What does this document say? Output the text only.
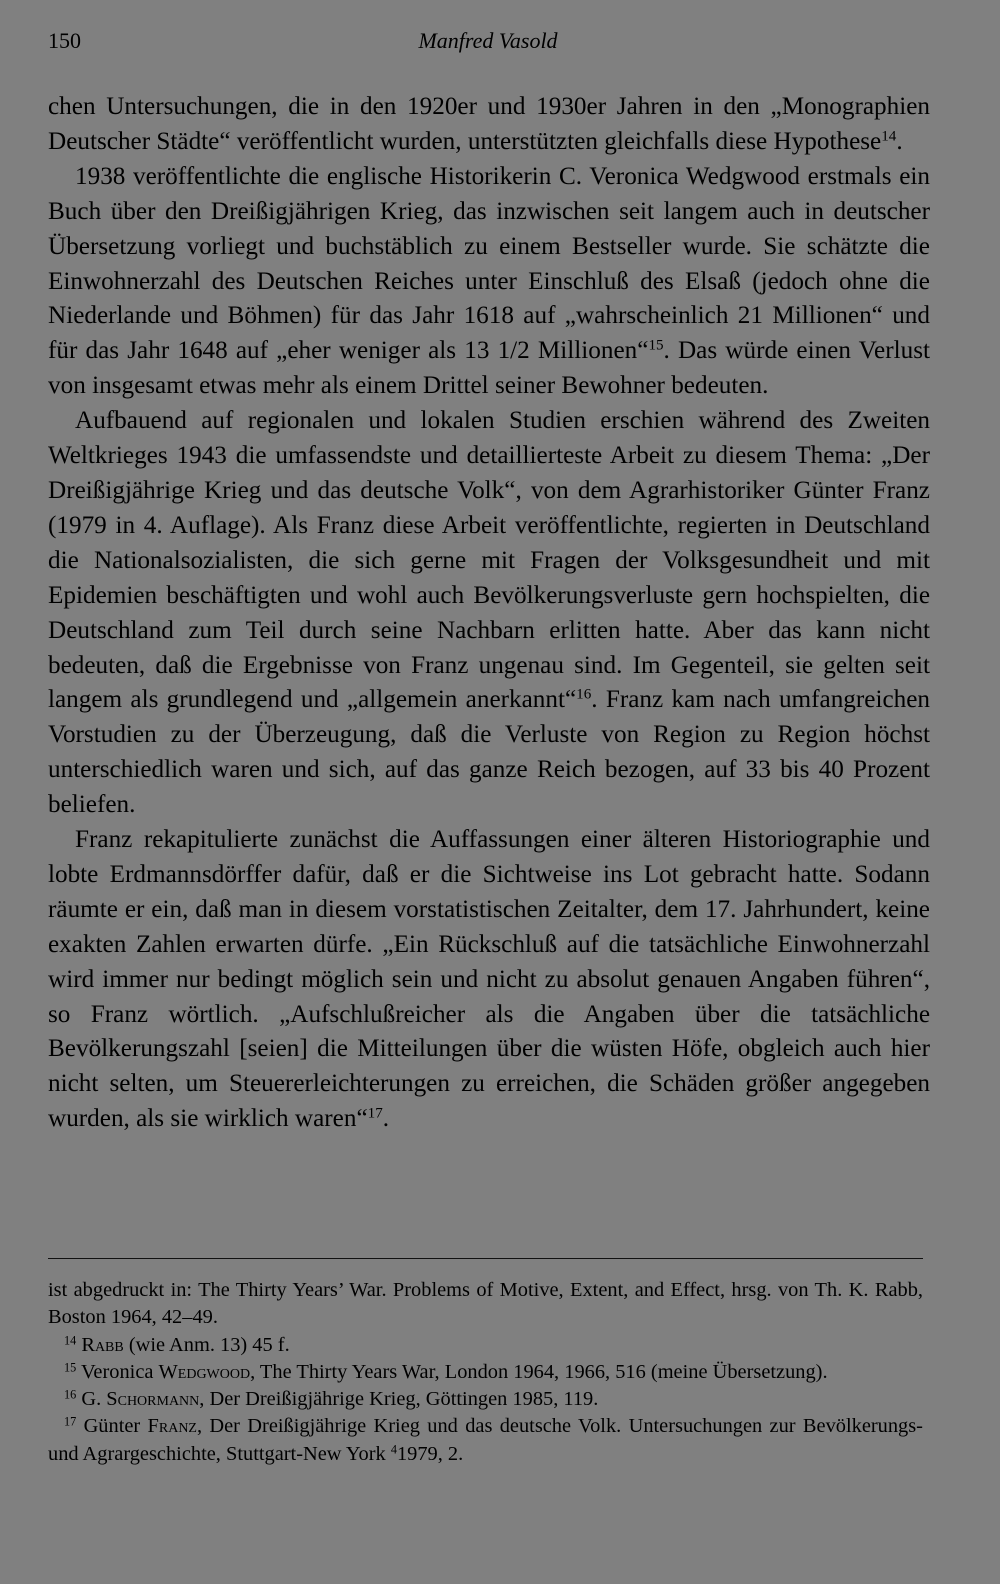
150	Manfred Vasold

chen Untersuchungen, die in den 1920er und 1930er Jahren in den „Monographien Deutscher Städte“ veröffentlicht wurden, unterstützten gleichfalls diese Hypothese$^{14}$.

1938 veröffentlichte die englische Historikerin C. Veronica Wedgwood erstmals ein Buch über den Dreißigjährigen Krieg, das inzwischen seit langem auch in deutscher Übersetzung vorliegt und buchstäblich zu einem Bestseller wurde. Sie schätzte die Einwohnerzahl des Deutschen Reiches unter Einschluß des Elsaß (jedoch ohne die Niederlande und Böhmen) für das Jahr 1618 auf „wahrscheinlich 21 Millionen“ und für das Jahr 1648 auf „eher weniger als 13 1/2 Millionen“$^{15}$. Das würde einen Verlust von insgesamt etwas mehr als einem Drittel seiner Bewohner bedeuten.

Aufbauend auf regionalen und lokalen Studien erschien während des Zweiten Weltkrieges 1943 die umfassendste und detaillierteste Arbeit zu diesem Thema: „Der Dreißigjährige Krieg und das deutsche Volk“, von dem Agrarhistoriker Günter Franz (1979 in 4. Auflage). Als Franz diese Arbeit veröffentlichte, regierten in Deutschland die Nationalsozialisten, die sich gerne mit Fragen der Volksgesundheit und mit Epidemien beschäftigten und wohl auch Bevölkerungsverluste gern hochspielten, die Deutschland zum Teil durch seine Nachbarn erlitten hatte. Aber das kann nicht bedeuten, daß die Ergebnisse von Franz ungenau sind. Im Gegenteil, sie gelten seit langem als grundlegend und „allgemein anerkannt“$^{16}$. Franz kam nach umfangreichen Vorstudien zu der Überzeugung, daß die Verluste von Region zu Region höchst unterschiedlich waren und sich, auf das ganze Reich bezogen, auf 33 bis 40 Prozent beliefen.

Franz rekapitulierte zunächst die Auffassungen einer älteren Historiographie und lobte Erdmannsdörffer dafür, daß er die Sichtweise ins Lot gebracht hatte. Sodann räumte er ein, daß man in diesem vorstatistischen Zeitalter, dem 17. Jahrhundert, keine exakten Zahlen erwarten dürfe. „Ein Rückschluß auf die tatsächliche Einwohnerzahl wird immer nur bedingt möglich sein und nicht zu absolut genauen Angaben führen“, so Franz wörtlich. „Aufschlußreicher als die Angaben über die tatsächliche Bevölkerungszahl [seien] die Mitteilungen über die wüsten Höfe, obgleich auch hier nicht selten, um Steuererleichterungen zu erreichen, die Schäden größer angegeben wurden, als sie wirklich waren“$^{17}$.

ist abgedruckt in: The Thirty Years’ War. Problems of Motive, Extent, and Effect, hrsg. von Th. K. Rabb, Boston 1964, 42–49.

$^{14}$ Rabb (wie Anm. 13) 45 f.

$^{15}$ Veronica Wedgwood, The Thirty Years War, London 1964, 1966, 516 (meine Übersetzung).

$^{16}$ G. Schormann, Der Dreißigjährige Krieg, Göttingen 1985, 119.

$^{17}$ Günter Franz, Der Dreißigjährige Krieg und das deutsche Volk. Untersuchungen zur Bevölkerungs- und Agrargeschichte, Stuttgart-New York $^4$1979, 2.
